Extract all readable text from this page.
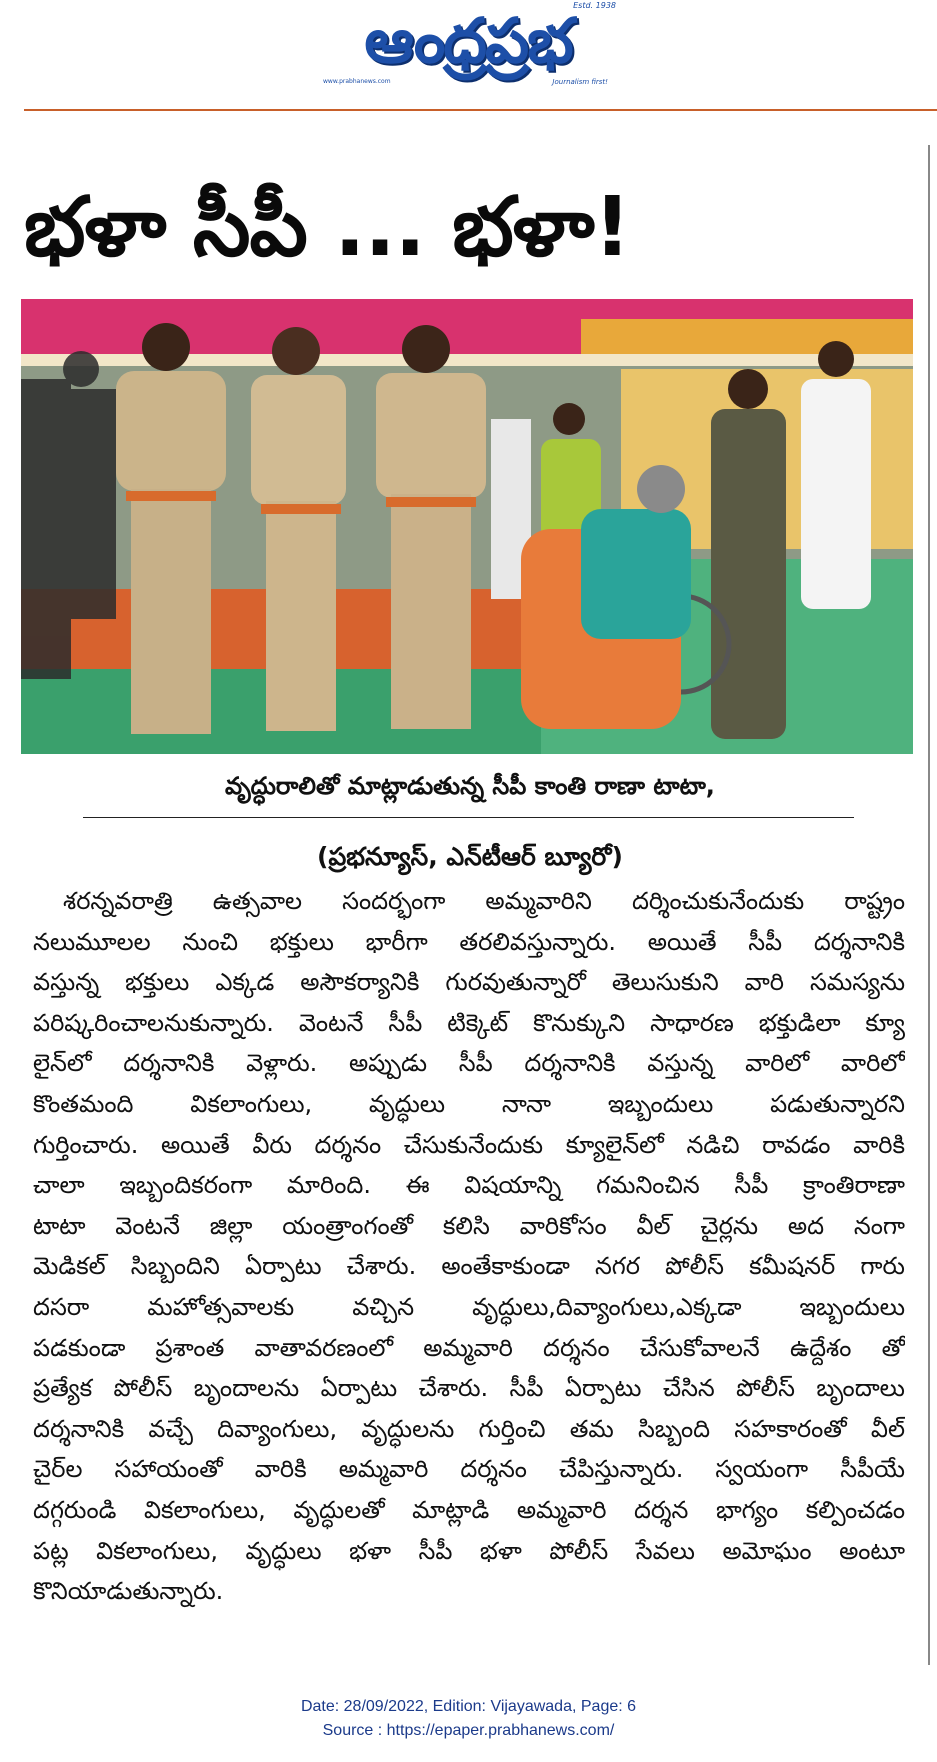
ఆంధ్రప్రభ Estd. 1938
www.prabhanews.com	Journalism first!
భళా సీపీ ... భళా!
వృద్ధురాలితో మాట్లాడుతున్న సీపీ కాంతి రాణా టాటా,
(ప్రభన్యూస్, ఎన్‌టీఆర్ బ్యూరో)
శరన్నవరాత్రి ఉత్సవాల సందర్భంగా అమ్మవారిని దర్శించుకునేందుకు రాష్ట్రం
నలుమూలల నుంచి భక్తులు భారీగా తరలివస్తున్నారు. అయితే సీపీ దర్శనానికి
వస్తున్న భక్తులు ఎక్కడ అసౌకర్యానికి గురవుతున్నారో తెలుసుకుని వారి సమస్యను
పరిష్కరించాలనుకున్నారు. వెంటనే సీపీ టిక్కెట్ కొనుక్కుని సాధారణ భక్తుడిలా క్యూ
లైన్‌లో దర్శనానికి వెళ్లారు. అప్పుడు సీపీ దర్శనానికి వస్తున్న వారిలో వారిలో
కొంతమంది వికలాంగులు, వృద్ధులు నానా ఇబ్బందులు పడుతున్నారని
గుర్తించారు. అయితే వీరు దర్శనం చేసుకునేందుకు క్యూలైన్‌లో నడిచి రావడం వారికి
చాలా ఇబ్బందికరంగా మారింది. ఈ విషయాన్ని గమనించిన సీపీ క్రాంతిరాణా
టాటా వెంటనే జిల్లా యంత్రాంగంతో కలిసి వారికోసం వీల్ చైర్లను అద నంగా
మెడికల్ సిబ్బందిని ఏర్పాటు చేశారు. అంతేకాకుండా నగర పోలీస్ కమీషనర్ గారు
దసరా మహోత్సవాలకు వచ్చిన వృద్ధులు,దివ్యాంగులు,ఎక్కడా ఇబ్బందులు
పడకుండా ప్రశాంత వాతావరణంలో అమ్మవారి దర్శనం చేసుకోవాలనే ఉద్దేశం తో
ప్రత్యేక పోలీస్ బృందాలను ఏర్పాటు చేశారు. సీపీ ఏర్పాటు చేసిన పోలీస్ బృందాలు
దర్శనానికి వచ్చే దివ్యాంగులు, వృద్ధులను గుర్తించి తమ సిబ్బంది సహకారంతో వీల్
చైర్‌ల సహాయంతో వారికి అమ్మవారి దర్శనం చేపిస్తున్నారు. స్వయంగా సీపీయే
దగ్గరుండి వికలాంగులు, వృద్ధులతో మాట్లాడి అమ్మవారి దర్శన భాగ్యం కల్పించడం
పట్ల వికలాంగులు, వృద్ధులు భళా సీపీ భళా పోలీస్ సేవలు అమోఘం అంటూ
కొనియాడుతున్నారు.
Date: 28/09/2022, Edition: Vijayawada, Page: 6
Source : https://epaper.prabhanews.com/
